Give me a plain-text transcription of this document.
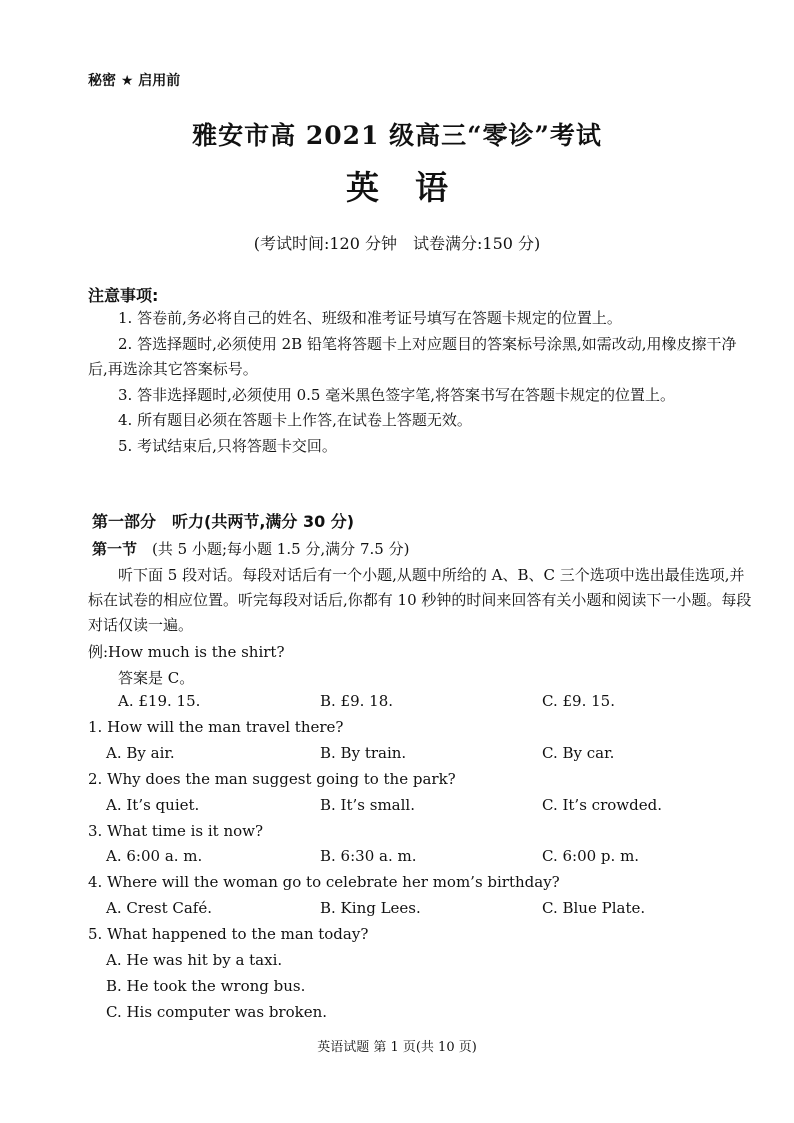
秘密 ★ 启用前
雅安市高 2021 级高三“零诊”考试
英语
(考试时间:120 分钟　试卷满分:150 分)
注意事项:

1. 答卷前,务必将自己的姓名、班级和准考证号填写在答题卡规定的位置上。

2. 答选择题时,必须使用 2B 铅笔将答题卡上对应题目的答案标号涂黑,如需改动,用橡皮擦干净后,再选涂其它答案标号。

3. 答非选择题时,必须使用 0.5 毫米黑色签字笔,将答案书写在答题卡规定的位置上。

4. 所有题目必须在答题卡上作答,在试卷上答题无效。

5. 考试结束后,只将答题卡交回。

第一部分　听力(共两节,满分 30 分)
第一节　 (共 5 小题;每小题 1.5 分,满分 7.5 分)
听下面 5 段对话。每段对话后有一个小题,从题中所给的 A、B、C 三个选项中选出最佳选项,并标在试卷的相应位置。听完每段对话后,你都有 10 秒钟的时间来回答有关小题和阅读下一小题。每段对话仅读一遍。
例:How much is the shirt?
答案是 C。
A. £19. 15.	B. £9. 18.	C. £9. 15.
1. How will the man travel there?
A. By air.	B. By train.	C. By car.
2. Why does the man suggest going to the park?
A. It’s quiet.	B. It’s small.	C. It’s crowded.
3. What time is it now?
A. 6:00 a. m.	B. 6:30 a. m.	C. 6:00 p. m.
4. Where will the woman go to celebrate her mom’s birthday?
A. Crest Café.	B. King Lees.	C. Blue Plate.
5. What happened to the man today?
A. He was hit by a taxi.
B. He took the wrong bus.
C. His computer was broken.
英语试题 第 1 页(共 10 页)
